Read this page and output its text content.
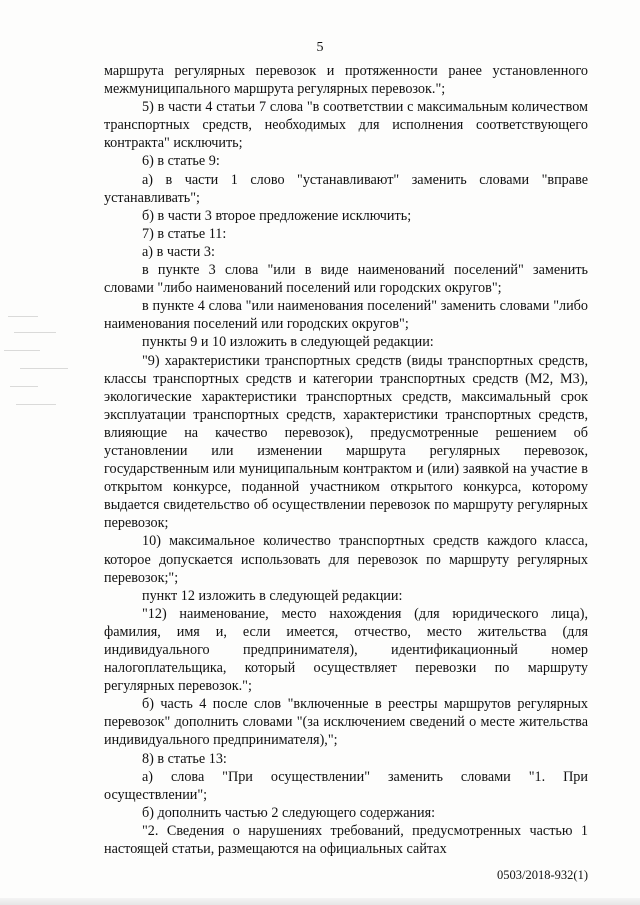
5

маршрута регулярных перевозок и протяженности ранее установленного межмуниципального маршрута регулярных перевозок.";

5) в части 4 статьи 7 слова "в соответствии с максимальным количеством транспортных средств, необходимых для исполнения соответствующего контракта" исключить;

6) в статье 9:

а) в части 1 слово "устанавливают" заменить словами "вправе устанавливать";

б) в части 3 второе предложение исключить;

7) в статье 11:

а) в части 3:

в пункте 3 слова "или в виде наименований поселений" заменить словами "либо наименований поселений или городских округов";

в пункте 4 слова "или наименования поселений" заменить словами "либо наименования поселений или городских округов";

пункты 9 и 10 изложить в следующей редакции:

"9) характеристики транспортных средств (виды транспортных средств, классы транспортных средств и категории транспортных средств (М2, М3), экологические характеристики транспортных средств, максимальный срок эксплуатации транспортных средств, характеристики транспортных средств, влияющие на качество перевозок), предусмотренные решением об установлении или изменении маршрута регулярных перевозок, государственным или муниципальным контрактом и (или) заявкой на участие в открытом конкурсе, поданной участником открытого конкурса, которому выдается свидетельство об осуществлении перевозок по маршруту регулярных перевозок;

10) максимальное количество транспортных средств каждого класса, которое допускается использовать для перевозок по маршруту регулярных перевозок;";

пункт 12 изложить в следующей редакции:

"12) наименование, место нахождения (для юридического лица), фамилия, имя и, если имеется, отчество, место жительства (для индивидуального предпринимателя), идентификационный номер налогоплательщика, который осуществляет перевозки по маршруту регулярных перевозок.";

б) часть 4 после слов "включенные в реестры маршрутов регулярных перевозок" дополнить словами "(за исключением сведений о месте жительства индивидуального предпринимателя),";

8) в статье 13:

а) слова "При осуществлении" заменить словами "1. При осуществлении";

б) дополнить частью 2 следующего содержания:

"2. Сведения о нарушениях требований, предусмотренных частью 1 настоящей статьи, размещаются на официальных сайтах

0503/2018-932(1)
